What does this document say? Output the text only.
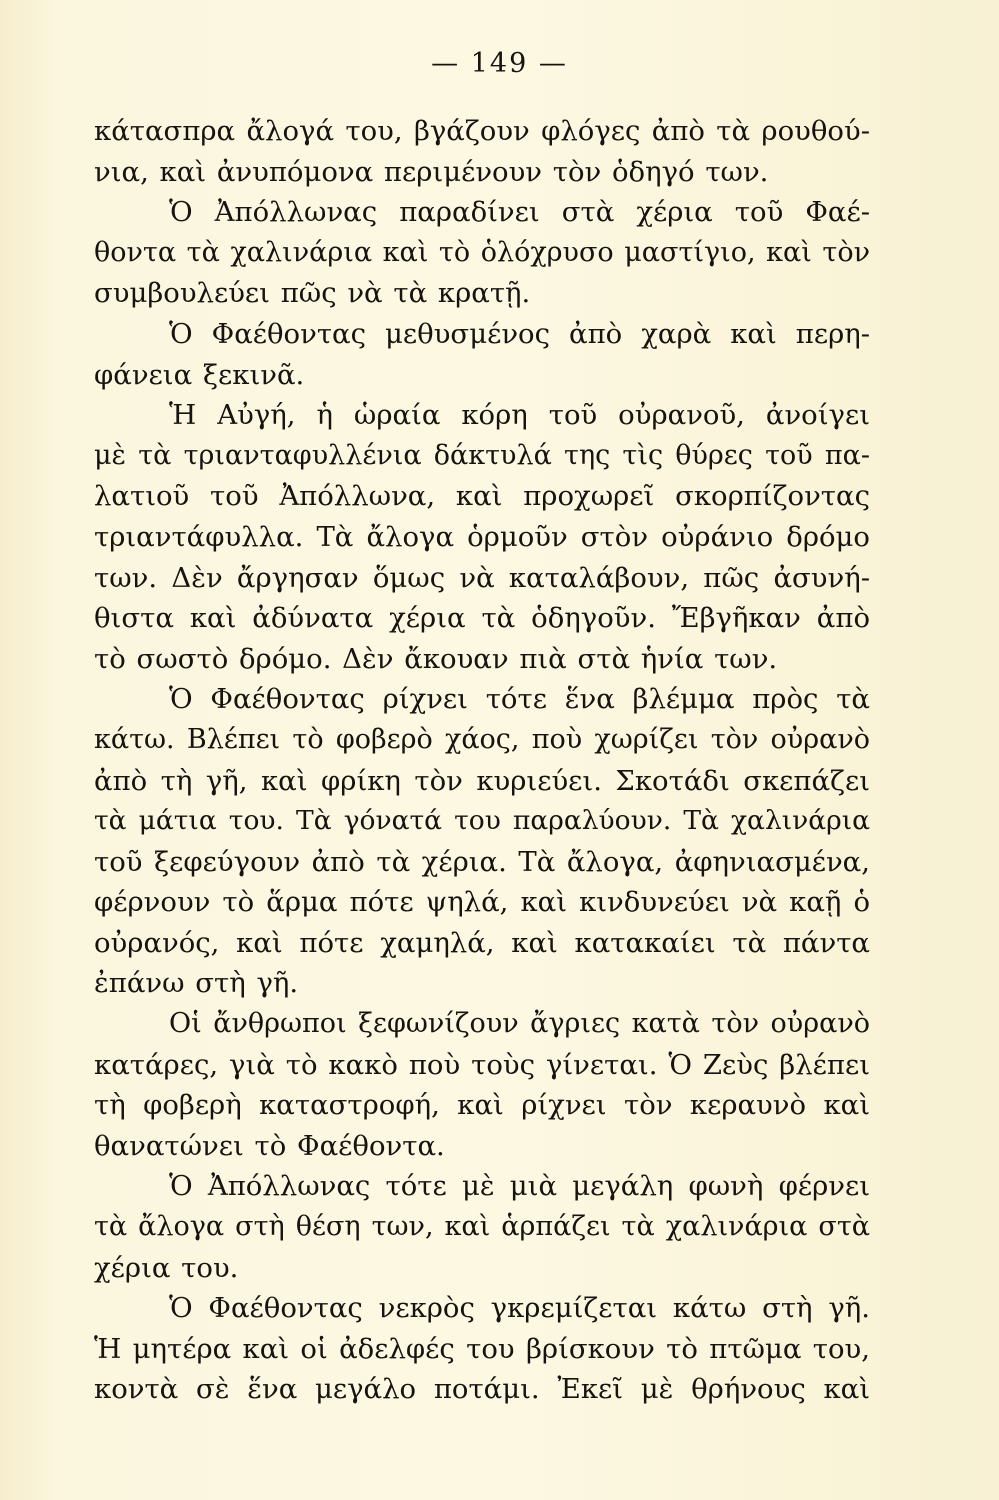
— 149 —
κάτασπρα ἄλογά του, βγάζουν φλόγες ἀπὸ τὰ ρουθού-
νια, καὶ ἀνυπόμονα περιμένουν τὸν ὁδηγό των.
Ὁ Ἀπόλλωνας παραδίνει στὰ χέρια τοῦ Φαέ-
θοντα τὰ χαλινάρια καὶ τὸ ὁλόχρυσο μαστίγιο, καὶ τὸν
συμβουλεύει πῶς νὰ τὰ κρατῇ.
Ὁ Φαέθοντας μεθυσμένος ἀπὸ χαρὰ καὶ περη-
φάνεια ξεκινᾶ.
Ἡ Αὐγή, ἡ ὡραία κόρη τοῦ οὐρανοῦ, ἀνοίγει
μὲ τὰ τριανταφυλλένια δάκτυλά της τὶς θύρες τοῦ πα-
λατιοῦ τοῦ Ἀπόλλωνα, καὶ προχωρεῖ σκορπίζοντας
τριαντάφυλλα. Τὰ ἄλογα ὁρμοῦν στὸν οὐράνιο δρόμο
των. Δὲν ἄργησαν ὅμως νὰ καταλάβουν, πῶς ἀσυνή-
θιστα καὶ ἀδύνατα χέρια τὰ ὁδηγοῦν. Ἔβγῆκαν ἀπὸ
τὸ σωστὸ δρόμο. Δὲν ἄκουαν πιὰ στὰ ἡνία των.
Ὁ Φαέθοντας ρίχνει τότε ἕνα βλέμμα πρὸς τὰ
κάτω. Βλέπει τὸ φοβερὸ χάος, ποὺ χωρίζει τὸν οὐρανὸ
ἀπὸ τὴ γῆ, καὶ φρίκη τὸν κυριεύει. Σκοτάδι σκεπάζει
τὰ μάτια του. Τὰ γόνατά του παραλύουν. Τὰ χαλινάρια
τοῦ ξεφεύγουν ἀπὸ τὰ χέρια. Τὰ ἄλογα, ἀφηνιασμένα,
φέρνουν τὸ ἅρμα πότε ψηλά, καὶ κινδυνεύει νὰ καῇ ὁ
οὐρανός, καὶ πότε χαμηλά, καὶ κατακαίει τὰ πάντα
ἐπάνω στὴ γῆ.
Οἱ ἄνθρωποι ξεφωνίζουν ἄγριες κατὰ τὸν οὐρανὸ
κατάρες, γιὰ τὸ κακὸ ποὺ τοὺς γίνεται. Ὁ Ζεὺς βλέπει
τὴ φοβερὴ καταστροφή, καὶ ρίχνει τὸν κεραυνὸ καὶ
θανατώνει τὸ Φαέθοντα.
Ὁ Ἀπόλλωνας τότε μὲ μιὰ μεγάλη φωνὴ φέρνει
τὰ ἄλογα στὴ θέση των, καὶ ἁρπάζει τὰ χαλινάρια στὰ
χέρια του.
Ὁ Φαέθοντας νεκρὸς γκρεμίζεται κάτω στὴ γῆ.
Ἡ μητέρα καὶ οἱ ἀδελφές του βρίσκουν τὸ πτῶμα του,
κοντὰ σὲ ἕνα μεγάλο ποτάμι. Ἐκεῖ μὲ θρήνους καὶ
